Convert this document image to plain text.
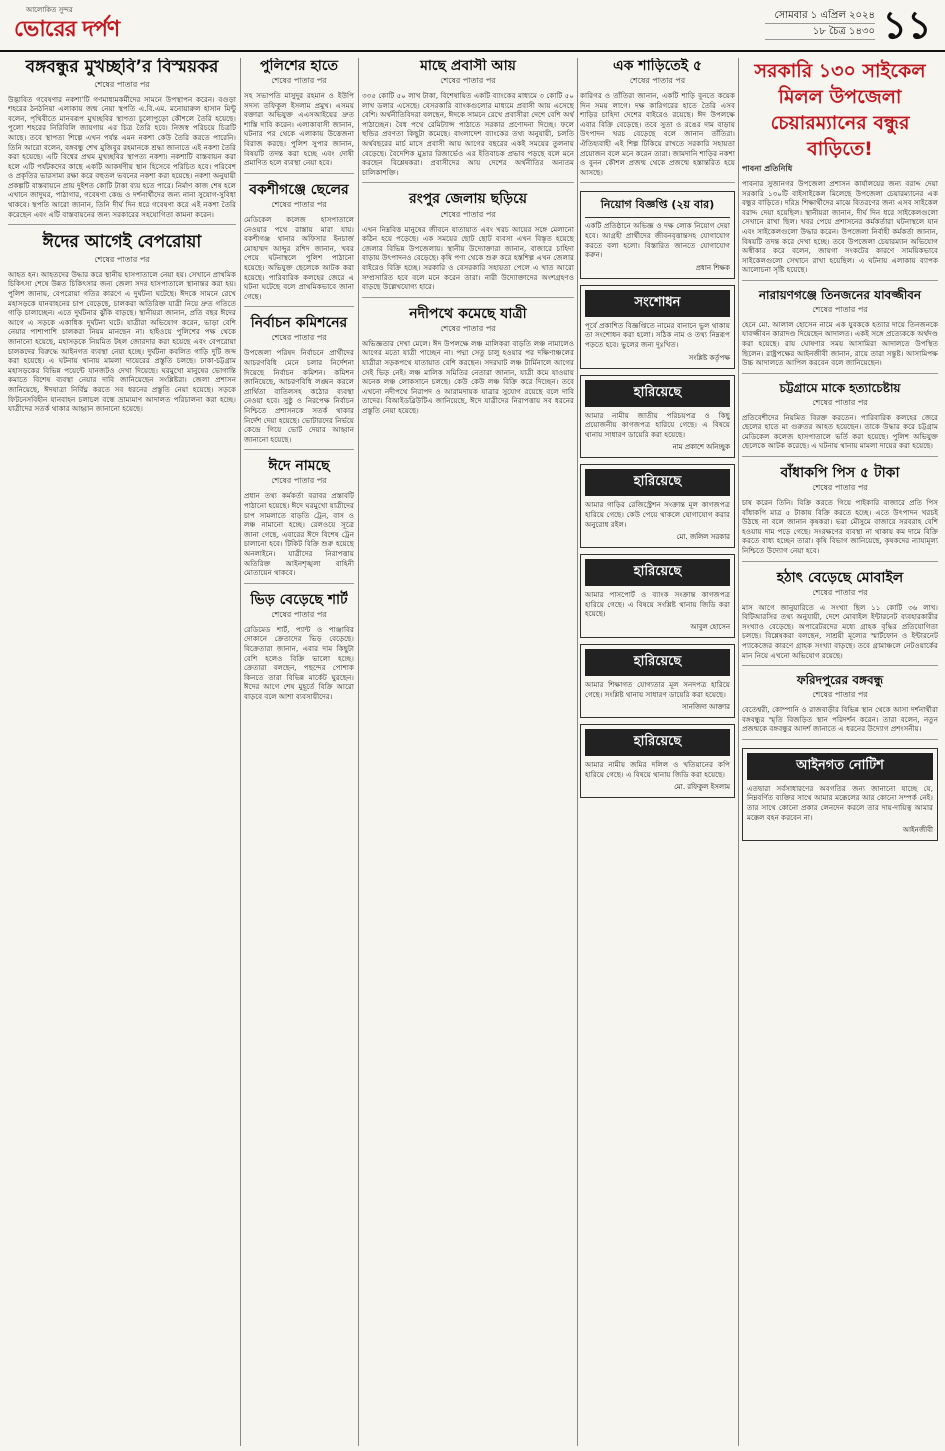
আলোকিত সুন্দর
ভোরের দর্পণ
সোমবার ১ এপ্রিল ২০২৪
১৮ চৈত্র ১৪৩০ ১১
বঙ্গবন্ধুর মুখচ্ছবি’র বিস্ময়কর
শেষের পাতার পর
উদ্ভাবিত গবেষণার নকশা’টি গণমাধ্যমকর্মীদের সামনে উপস্থাপন করেন। বগুড়া শহরের ঠনঠনিয়া এলাকায় জন্ম নেয়া স্থপতি এ.বি.এম. মনোয়ারুল হাসান মিন্টু বলেন, পৃথিবীতে মানবরূপ মুখচ্ছবির স্থাপত্য চুলোপুড়ো কৌশলে তৈরি হয়েছে। পুলো শহরের নিরিবিলি জায়গায় এর চিত্র তৈরি হবে। নিজস্ব পরিচয়ে চিত্রটি আছে। তবে স্থাপত্য শিল্পে এখন পর্যন্ত এমন নকশা কেউ তৈরি করতে পারেনি। তিনি আরো বলেন, বঙ্গবন্ধু শেখ মুজিবুর রহমানকে শ্রদ্ধা জানাতে এই নকশা তৈরি করা হয়েছে। এটি বিশ্বের প্রথম মুখচ্ছবির স্থাপত্য নকশা। নকশাটি বাস্তবায়ন করা হলে এটি পর্যটকদের কাছে একটি আকর্ষণীয় স্থান হিসেবে পরিচিত হবে। পরিবেশ ও প্রকৃতির ভারসাম্য রক্ষা করে বহুতল ভবনের নকশা করা হয়েছে। নকশা অনুযায়ী প্রকল্পটি বাস্তবায়নে প্রায় দুইশত কোটি টাকা ব্যয় হতে পারে। নির্মাণ কাজ শেষ হলে এখানে জাদুঘর, পাঠাগার, গবেষণা কেন্দ্র ও দর্শনার্থীদের জন্য নানা সুযোগ-সুবিধা থাকবে। স্থপতি আরো জানান, তিনি দীর্ঘ দিন ধরে গবেষণা করে এই নকশা তৈরি করেছেন এবং এটি বাস্তবায়নের জন্য সরকারের সহযোগিতা কামনা করেন।
ঈদের আগেই বেপরোয়া
শেষের পাতার পর
আহত হন। আহতদের উদ্ধার করে স্থানীয় হাসপাতালে নেয়া হয়। সেখানে প্রাথমিক চিকিৎসা শেষে উন্নত চিকিৎসার জন্য জেলা সদর হাসপাতালে স্থানান্তর করা হয়। পুলিশ জানায়, বেপরোয়া গতির কারণে এ দুর্ঘটনা ঘটেছে। ঈদকে সামনে রেখে মহাসড়কে যানবাহনের চাপ বেড়েছে, চালকরা অতিরিক্ত যাত্রী নিয়ে দ্রুত গতিতে গাড়ি চালাচ্ছেন। এতে দুর্ঘটনার ঝুঁকি বাড়ছে। স্থানীয়রা জানান, প্রতি বছর ঈদের আগে এ সড়কে একাধিক দুর্ঘটনা ঘটে। যাত্রীরা অভিযোগ করেন, ভাড়া বেশি নেয়ার পাশাপাশি চালকরা নিয়ম মানছেন না। হাইওয়ে পুলিশের পক্ষ থেকে জানানো হয়েছে, মহাসড়কে নিয়মিত টহল জোরদার করা হয়েছে এবং বেপরোয়া চালকদের বিরুদ্ধে আইনগত ব্যবস্থা নেয়া হচ্ছে। দুর্ঘটনা কবলিত গাড়ি দুটি জব্দ করা হয়েছে। এ ঘটনায় থানায় মামলা দায়েরের প্রস্তুতি চলছে। ঢাকা-চট্টগ্রাম মহাসড়কের বিভিন্ন পয়েন্টে যানজটও দেখা দিয়েছে। ঘরমুখো মানুষের ভোগান্তি কমাতে বিশেষ ব্যবস্থা নেয়ার দাবি জানিয়েছেন সংশ্লিষ্টরা। জেলা প্রশাসন জানিয়েছে, ঈদযাত্রা নির্বিঘ্ন করতে সব ধরনের প্রস্তুতি নেয়া হয়েছে। সড়কে ফিটনেসবিহীন যানবাহন চলাচল বন্ধে ভ্রাম্যমাণ আদালত পরিচালনা করা হচ্ছে। যাত্রীদের সতর্ক থাকার আহ্বান জানানো হয়েছে।
পুলিশের হাতে
শেষের পাতার পর
সহ সভাপতি মাসুদুর রহমান ও ইউপি সদস্য তফিকুল ইসলাম প্রমুখ। এসময় বক্তারা অভিযুক্ত এএসআইয়ের দ্রুত শাস্তি দাবি করেন। এলাকাবাসী জানান, ঘটনার পর থেকে এলাকায় উত্তেজনা বিরাজ করছে। পুলিশ সুপার জানান, বিষয়টি তদন্ত করা হচ্ছে এবং দোষী প্রমাণিত হলে ব্যবস্থা নেয়া হবে।
বকশীগঞ্জে ছেলের
শেষের পাতার পর
মেডিকেল কলেজ হাসপাতালে নেওয়ার পথে রাস্তায় মারা যায়। বকশীগঞ্জ থানার অফিসার ইনচার্জ মোহাম্মদ আব্দুর রশিদ জানান, খবর পেয়ে ঘটনাস্থলে পুলিশ পাঠানো হয়েছে। অভিযুক্ত ছেলেকে আটক করা হয়েছে। পারিবারিক কলহের জেরে এ ঘটনা ঘটেছে বলে প্রাথমিকভাবে জানা গেছে।
নির্বাচন কমিশনের
শেষের পাতার পর
উপজেলা পরিষদ নির্বাচনে প্রার্থীদের আচরণবিধি মেনে চলার নির্দেশনা দিয়েছে নির্বাচন কমিশন। কমিশন জানিয়েছে, আচরণবিধি লঙ্ঘন করলে প্রার্থিতা বাতিলসহ কঠোর ব্যবস্থা নেওয়া হবে। সুষ্ঠু ও নিরপেক্ষ নির্বাচন নিশ্চিতে প্রশাসনকে সতর্ক থাকার নির্দেশ দেয়া হয়েছে। ভোটারদের নির্ভয়ে কেন্দ্রে গিয়ে ভোট দেয়ার আহ্বান জানানো হয়েছে।
ঈদে নামছে
শেষের পাতার পর
প্রধান তথ্য কর্মকর্তা বরাবর প্রস্তাবটি পাঠানো হয়েছে। ঈদে ঘরমুখো যাত্রীদের চাপ সামলাতে বাড়তি ট্রেন, বাস ও লঞ্চ নামানো হচ্ছে। রেলওয়ে সূত্রে জানা গেছে, এবারের ঈদে বিশেষ ট্রেন চালানো হবে। টিকিট বিক্রি শুরু হয়েছে অনলাইনে। যাত্রীদের নিরাপত্তায় অতিরিক্ত আইনশৃঙ্খলা বাহিনী মোতায়েন থাকবে।
ভিড় বেড়েছে শার্ট
শেষের পাতার পর
রেডিমেড শার্ট, প্যান্ট ও পাঞ্জাবির দোকানে ক্রেতাদের ভিড় বেড়েছে। বিক্রেতারা জানান, এবার দাম কিছুটা বেশি হলেও বিক্রি ভালো হচ্ছে। ক্রেতারা বলছেন, পছন্দের পোশাক কিনতে তারা বিভিন্ন মার্কেট ঘুরছেন। ঈদের আগে শেষ মুহূর্তে বিক্রি আরো বাড়বে বলে আশা ব্যবসায়ীদের।
মাছে প্রবাসী আয়
শেষের পাতার পর
৩৩৫ কোটি ৫০ লাখ টাকা, বিশেষায়িত একটি ব্যাংকের মাধ্যমে ৩ কোটি ৫০ লাখ ডলার এসেছে। বেসরকারি ব্যাংকগুলোর মাধ্যমে প্রবাসী আয় এসেছে বেশি। অর্থনীতিবিদরা বলছেন, ঈদকে সামনে রেখে প্রবাসীরা দেশে বেশি অর্থ পাঠাচ্ছেন। বৈধ পথে রেমিট্যান্স পাঠাতে সরকার প্রণোদনা দিচ্ছে। ফলে হুন্ডির প্রবণতা কিছুটা কমেছে। বাংলাদেশ ব্যাংকের তথ্য অনুযায়ী, চলতি অর্থবছরের মার্চ মাসে প্রবাসী আয় আগের বছরের একই সময়ের তুলনায় বেড়েছে। বৈদেশিক মুদ্রার রিজার্ভেও এর ইতিবাচক প্রভাব পড়ছে বলে মনে করছেন বিশ্লেষকরা। প্রবাসীদের আয় দেশের অর্থনীতির অন্যতম চালিকাশক্তি।
রংপুর জেলায় ছড়িয়ে
শেষের পাতার পর
এখন নিম্নবিত্ত মানুষের জীবনে যাতায়াত এবং খরচ আয়ের সঙ্গে মেলানো কঠিন হয়ে পড়েছে। এক সময়ের ছোট ছোট ব্যবসা এখন বিস্তৃত হয়েছে জেলার বিভিন্ন উপজেলায়। স্থানীয় উদ্যোক্তারা জানান, বাজারে চাহিদা বাড়ায় উৎপাদনও বেড়েছে। কৃষি পণ্য থেকে শুরু করে হস্তশিল্প এখন জেলার বাইরেও বিক্রি হচ্ছে। সরকারি ও বেসরকারি সহায়তা পেলে এ খাত আরো সম্প্রসারিত হবে বলে মনে করেন তারা। নারী উদ্যোক্তাদের অংশগ্রহণও বাড়ছে উল্লেখযোগ্য হারে।
নদীপথে কমেছে যাত্রী
শেষের পাতার পর
অভিজ্ঞতার দেখা মেলে। ঈদ উপলক্ষে লঞ্চ মালিকরা বাড়তি লঞ্চ নামালেও আগের মতো যাত্রী পাচ্ছেন না। পদ্মা সেতু চালু হওয়ার পর দক্ষিণাঞ্চলের যাত্রীরা সড়কপথে যাতায়াত বেশি করছেন। সদরঘাট লঞ্চ টার্মিনালে আগের সেই ভিড় নেই। লঞ্চ মালিক সমিতির নেতারা জানান, যাত্রী কমে যাওয়ায় অনেক লঞ্চ লোকসানে চলছে। কেউ কেউ লঞ্চ বিক্রি করে দিচ্ছেন। তবে এখনো নদীপথে নিরাপদ ও আরামদায়ক যাত্রার সুযোগ রয়েছে বলে দাবি তাদের। বিআইডব্লিউটিএ জানিয়েছে, ঈদে যাত্রীদের নিরাপত্তায় সব ধরনের প্রস্তুতি নেয়া হয়েছে।
এক শাড়িতেই ৫
শেষের পাতার পর
কারিগর ও তাঁতিরা জানান, একটি শাড়ি বুনতে কয়েক দিন সময় লাগে। দক্ষ কারিগরের হাতে তৈরি এসব শাড়ির চাহিদা দেশের বাইরেও রয়েছে। ঈদ উপলক্ষে এবার বিক্রি বেড়েছে। তবে সুতা ও রঙের দাম বাড়ায় উৎপাদন খরচ বেড়েছে বলে জানান তাঁতিরা। ঐতিহ্যবাহী এই শিল্প টিকিয়ে রাখতে সরকারি সহায়তা প্রয়োজন বলে মনে করেন তারা। জামদানি শাড়ির নকশা ও বুনন কৌশল প্রজন্ম থেকে প্রজন্মে হস্তান্তরিত হয়ে আসছে।
নিয়োগ বিজ্ঞপ্তি (২য় বার)
একটি প্রতিষ্ঠানে অভিজ্ঞ ও দক্ষ লোক নিয়োগ দেয়া হবে। আগ্রহী প্রার্থীদের জীবনবৃত্তান্তসহ যোগাযোগ করতে বলা হলো। বিস্তারিত জানতে যোগাযোগ করুন।
প্রধান শিক্ষক
সংশোধন
পূর্বে প্রকাশিত বিজ্ঞপ্তিতে নামের বানানে ভুল থাকায় তা সংশোধন করা হলো। সঠিক নাম ও তথ্য নিম্নরূপ পড়তে হবে। ভুলের জন্য দুঃখিত।
সংশ্লিষ্ট কর্তৃপক্ষ
হারিয়েছে
আমার নামীয় জাতীয় পরিচয়পত্র ও কিছু প্রয়োজনীয় কাগজপত্র হারিয়ে গেছে। এ বিষয়ে থানায় সাধারণ ডায়েরি করা হয়েছে।
নাম প্রকাশে অনিচ্ছুক
হারিয়েছে
আমার গাড়ির রেজিস্ট্রেশন সংক্রান্ত মূল কাগজপত্র হারিয়ে গেছে। কেউ পেয়ে থাকলে যোগাযোগ করার অনুরোধ রইল।
মো. জলিল সরকার
হারিয়েছে
আমার পাসপোর্ট ও ব্যাংক সংক্রান্ত কাগজপত্র হারিয়ে গেছে। এ বিষয়ে সংশ্লিষ্ট থানায় জিডি করা হয়েছে।
আবুল হোসেন
হারিয়েছে
আমার শিক্ষাগত যোগ্যতার মূল সনদপত্র হারিয়ে গেছে। সংশ্লিষ্ট থানায় সাধারণ ডায়েরি করা হয়েছে।
সানজিদা আক্তার
হারিয়েছে
আমার নামীয় জমির দলিল ও খতিয়ানের কপি হারিয়ে গেছে। এ বিষয়ে থানায় জিডি করা হয়েছে।
মো. রফিকুল ইসলাম
সরকারি ১৩০ সাইকেল মিলল উপজেলা চেয়ারম্যানের বন্ধুর বাড়িতে!
পাবনা প্রতিনিধি
পাবনার সুজানগর উপজেলা প্রশাসন কার্যালয়ের জন্য বরাদ্দ দেয়া সরকারি ১৩০টি বাইসাইকেল মিলেছে উপজেলা চেয়ারম্যানের এক বন্ধুর বাড়িতে। দরিদ্র শিক্ষার্থীদের মাঝে বিতরণের জন্য এসব সাইকেল বরাদ্দ দেয়া হয়েছিল। স্থানীয়রা জানান, দীর্ঘ দিন ধরে সাইকেলগুলো সেখানে রাখা ছিল। খবর পেয়ে প্রশাসনের কর্মকর্তারা ঘটনাস্থলে যান এবং সাইকেলগুলো উদ্ধার করেন। উপজেলা নির্বাহী কর্মকর্তা জানান, বিষয়টি তদন্ত করে দেখা হচ্ছে। তবে উপজেলা চেয়ারম্যান অভিযোগ অস্বীকার করে বলেন, জায়গা সংকটের কারণে সাময়িকভাবে সাইকেলগুলো সেখানে রাখা হয়েছিল। এ ঘটনায় এলাকায় ব্যাপক আলোচনা সৃষ্টি হয়েছে।
নারায়ণগঞ্জে তিনজনের যাবজ্জীবন
শেষের পাতার পর
হেনে মো. আলাল হোসেন নামে এক যুবককে হত্যার দায়ে তিনজনকে যাবজ্জীবন কারাদণ্ড দিয়েছেন আদালত। একই সঙ্গে প্রত্যেককে অর্থদণ্ড করা হয়েছে। রায় ঘোষণার সময় আসামিরা আদালতে উপস্থিত ছিলেন। রাষ্ট্রপক্ষের আইনজীবী জানান, রায়ে তারা সন্তুষ্ট। আসামিপক্ষ উচ্চ আদালতে আপিল করবেন বলে জানিয়েছেন।
চট্টগ্রামে মাকে হত্যাচেষ্টায়
শেষের পাতার পর
প্রতিবেশীদের নিয়মিত বিরক্ত করতেন। পারিবারিক কলহের জেরে ছেলের হাতে মা গুরুতর আহত হয়েছেন। তাকে উদ্ধার করে চট্টগ্রাম মেডিকেল কলেজ হাসপাতালে ভর্তি করা হয়েছে। পুলিশ অভিযুক্ত ছেলেকে আটক করেছে। এ ঘটনায় থানায় মামলা দায়ের করা হয়েছে।
বাঁধাকপি পিস ৫ টাকা
শেষের পাতার পর
চাষ করেন তিনি। বিক্রি করতে গিয়ে পাইকারি বাজারে প্রতি পিস বাঁধাকপি মাত্র ৫ টাকায় বিক্রি করতে হচ্ছে। এতে উৎপাদন খরচই উঠছে না বলে জানান কৃষকরা। ভরা মৌসুমে বাজারে সরবরাহ বেশি হওয়ায় দাম পড়ে গেছে। সংরক্ষণের ব্যবস্থা না থাকায় কম দামে বিক্রি করতে বাধ্য হচ্ছেন তারা। কৃষি বিভাগ জানিয়েছে, কৃষকদের ন্যায্যমূল্য নিশ্চিতে উদ্যোগ নেয়া হবে।
হঠাৎ বেড়েছে মোবাইল
শেষের পাতার পর
মাস আগে জানুয়ারিতে এ সংখ্যা ছিল ১১ কোটি ৩৬ লাখ। বিটিআরসির তথ্য অনুযায়ী, দেশে মোবাইল ইন্টারনেট ব্যবহারকারীর সংখ্যাও বেড়েছে। অপারেটরদের মধ্যে গ্রাহক বৃদ্ধির প্রতিযোগিতা চলছে। বিশ্লেষকরা বলছেন, সাশ্রয়ী মূল্যের স্মার্টফোন ও ইন্টারনেট প্যাকেজের কারণে গ্রাহক সংখ্যা বাড়ছে। তবে গ্রামাঞ্চলে নেটওয়ার্কের মান নিয়ে এখনো অভিযোগ রয়েছে।
ফরিদপুরের বঙ্গবন্ধু
শেষের পাতার পর
বেতেশ্বরী, কোম্পানি ও রাজবাড়ীর বিভিন্ন স্থান থেকে আসা দর্শনার্থীরা বঙ্গবন্ধুর স্মৃতি বিজড়িত স্থান পরিদর্শন করেন। তারা বলেন, নতুন প্রজন্মকে বঙ্গবন্ধুর আদর্শ জানাতে এ ধরনের উদ্যোগ প্রশংসনীয়।
আইনগত নোটিশ
এতদ্বারা সর্বসাধারণের অবগতির জন্য জানানো যাচ্ছে যে, নিম্নবর্ণিত ব্যক্তির সাথে আমার মক্কেলের আর কোনো সম্পর্ক নেই। তার সাথে কোনো প্রকার লেনদেন করলে তার দায়-দায়িত্ব আমার মক্কেল বহন করবেন না।
আইনজীবী
